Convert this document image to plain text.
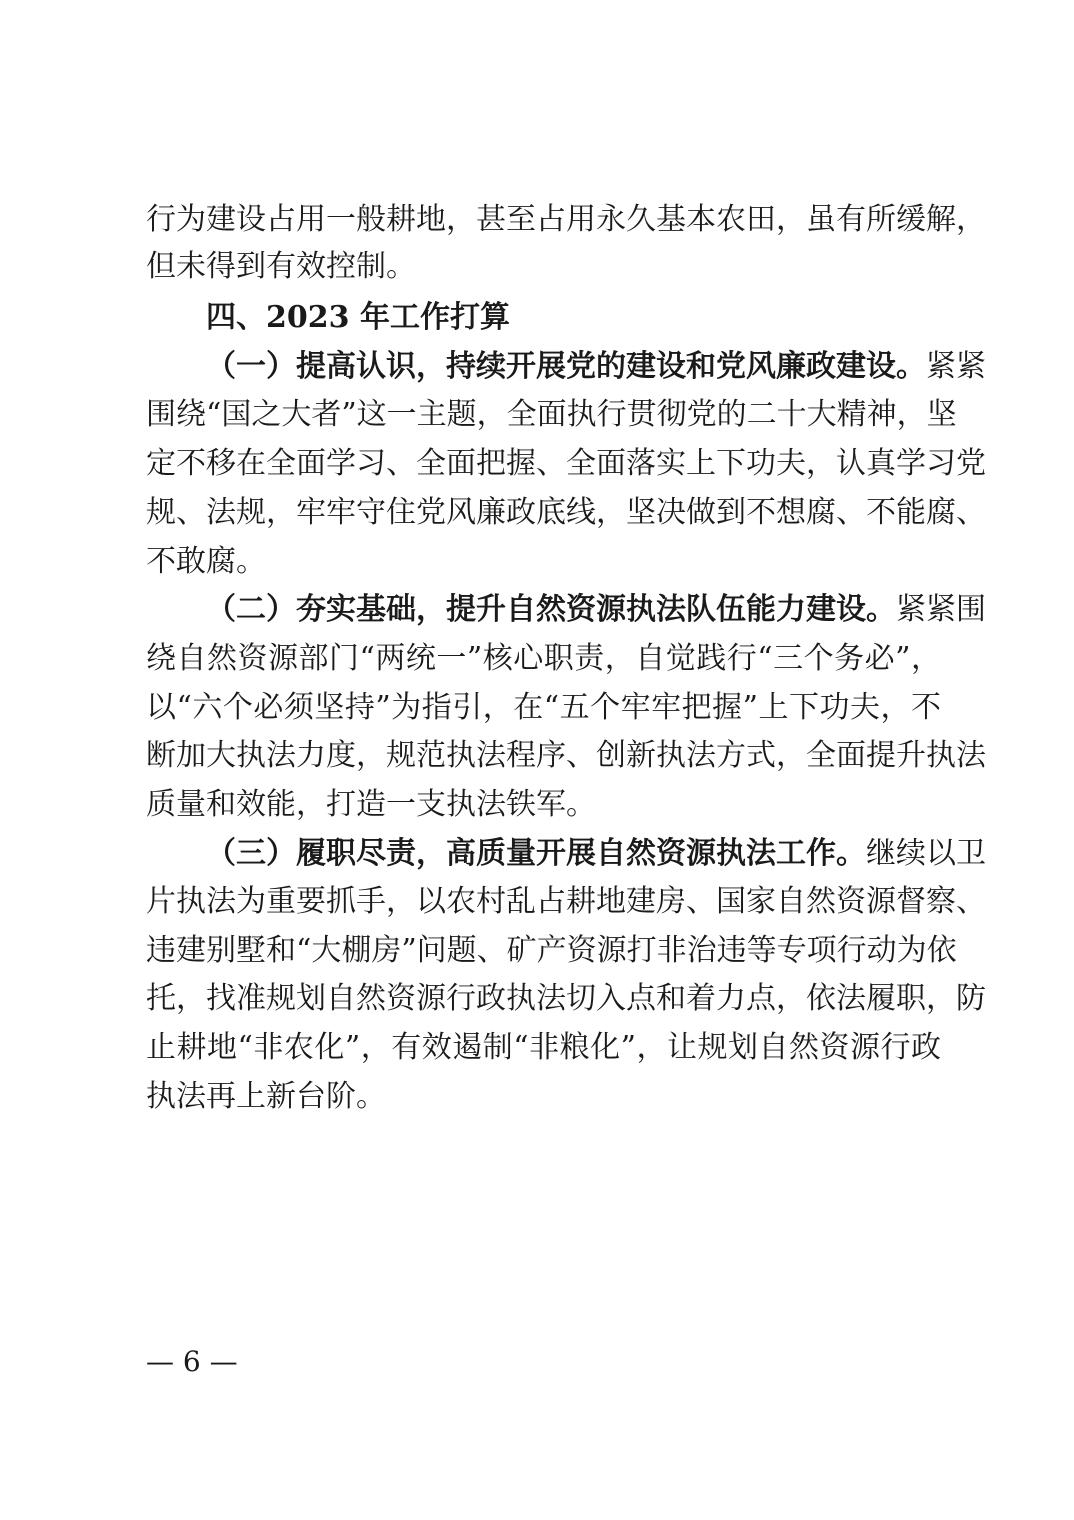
行为建设占用一般耕地，甚至占用永久基本农田，虽有所缓解，
但未得到有效控制。
四、2023 年工作打算
（一）提高认识，持续开展党的建设和党风廉政建设。紧紧
围绕“国之大者”这一主题，全面执行贯彻党的二十大精神，坚
定不移在全面学习、全面把握、全面落实上下功夫，认真学习党
规、法规，牢牢守住党风廉政底线，坚决做到不想腐、不能腐、
不敢腐。
（二）夯实基础，提升自然资源执法队伍能力建设。紧紧围
绕自然资源部门“两统一”核心职责，自觉践行“三个务必”，
以“六个必须坚持”为指引，在“五个牢牢把握”上下功夫，不
断加大执法力度，规范执法程序、创新执法方式，全面提升执法
质量和效能，打造一支执法铁军。
（三）履职尽责，高质量开展自然资源执法工作。继续以卫
片执法为重要抓手，以农村乱占耕地建房、国家自然资源督察、
违建别墅和“大棚房”问题、矿产资源打非治违等专项行动为依
托，找准规划自然资源行政执法切入点和着力点，依法履职，防
止耕地“非农化”，有效遏制“非粮化”，让规划自然资源行政
执法再上新台阶。
— 6 —
